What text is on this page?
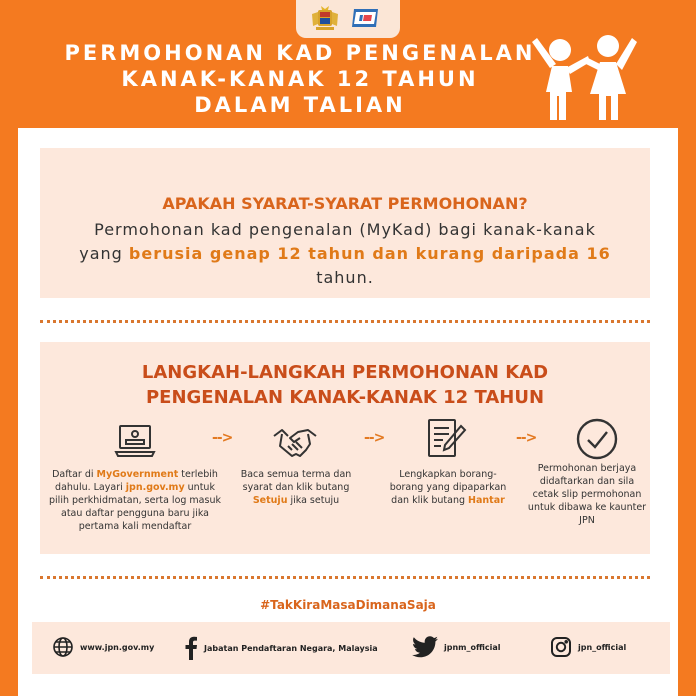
PERMOHONAN KAD PENGENALAN
KANAK-KANAK 12 TAHUN
DALAM TALIAN
APAKAH SYARAT-SYARAT PERMOHONAN?
Permohonan kad pengenalan (MyKad) bagi kanak-kanak yang berusia genap 12 tahun dan kurang daripada 16 tahun.
LANGKAH-LANGKAH PERMOHONAN KAD
PENGENALAN KANAK-KANAK 12 TAHUN
-->	-->	-->
Daftar di MyGovernment terlebih dahulu. Layari jpn.gov.my untuk pilih perkhidmatan, serta log masuk atau daftar pengguna baru jika pertama kali mendaftar
Baca semua terma dan syarat dan klik butang Setuju jika setuju
Lengkapkan borang-borang yang dipaparkan dan klik butang Hantar
Permohonan berjaya didaftarkan dan sila cetak slip permohonan untuk dibawa ke kaunter JPN
#TakKiraMasaDimanaSaja
www.jpn.gov.my	Jabatan Pendaftaran Negara, Malaysia	jpnm_official	jpn_official
